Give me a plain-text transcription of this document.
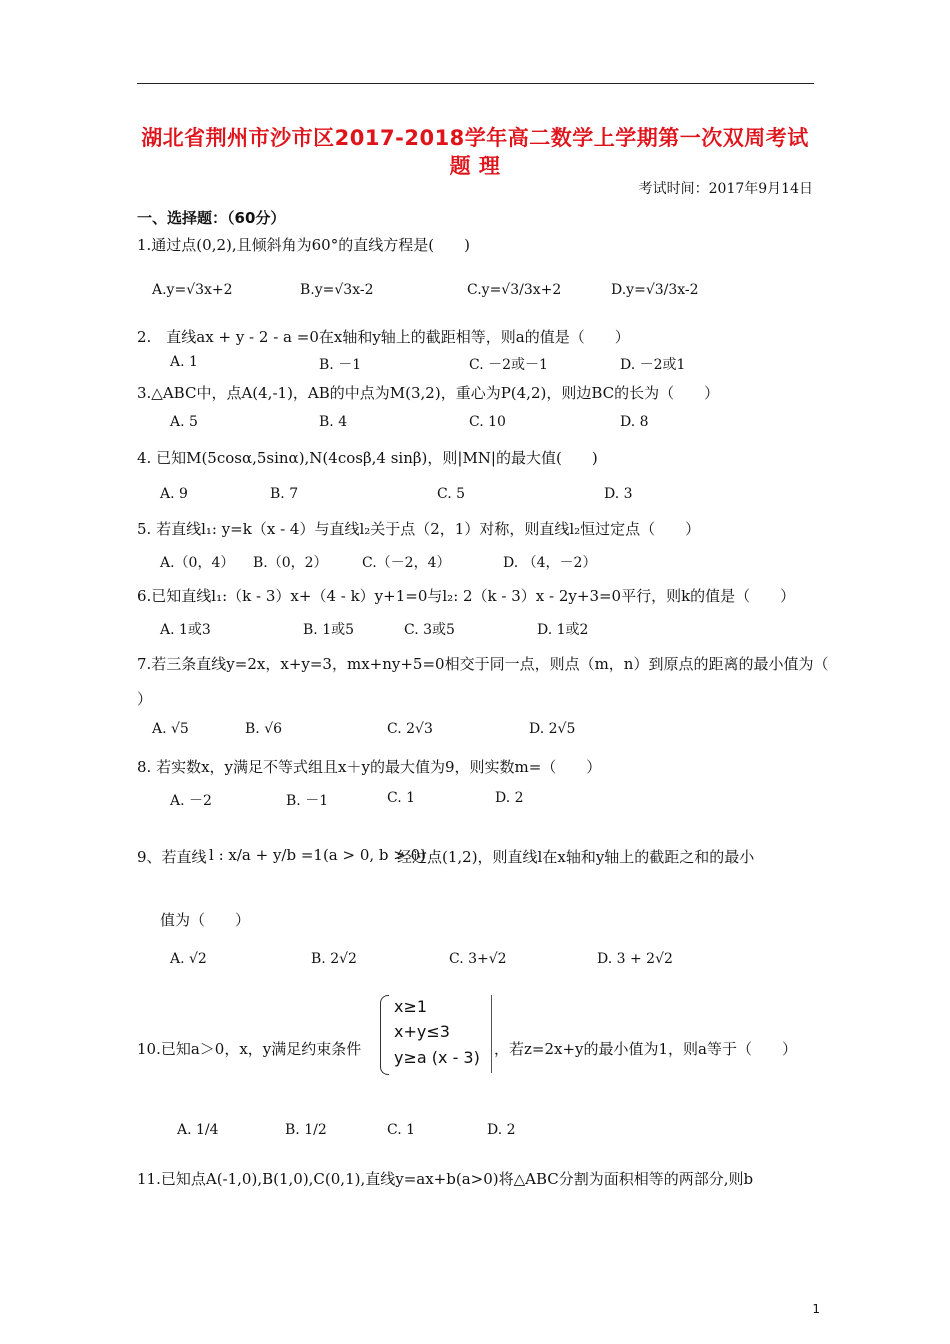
湖北省荆州市沙市区2017-2018学年高二数学上学期第一次双周考试
题 理
考试时间：2017年9月14日
一、选择题：（60分）
1.通过点(0,2),且倾斜角为60°的直线方程是(　　)
A.y=√3x+2	B.y=√3x-2	C.y=√3/3x+2	D.y=√3/3x-2
2.　直线ax + y - 2 - a =0在x轴和y轴上的截距相等，则a的值是（　　）
A. 1	B. －1	C. －2或－1	D. －2或1
3.△ABC中，点A(4,-1)，AB的中点为M(3,2)，重心为P(4,2)，则边BC的长为（　　）
A. 5	B. 4	C. 10	D. 8
4. 已知M(5cosα,5sinα),N(4cosβ,4 sinβ)，则|MN|的最大值(　　)
A. 9	B. 7	C. 5	D. 3
5. 若直线l₁: y=k（x - 4）与直线l₂关于点（2，1）对称，则直线l₂恒过定点（　　）
A.（0，4） B.（0，2） C.（－2，4）	D. （4，－2）
6.已知直线l₁:（k - 3）x+（4 - k）y+1=0与l₂: 2（k - 3）x - 2y+3=0平行，则k的值是（　　）
A. 1或3	B. 1或5	C. 3或5	D. 1或2
7.若三条直线y=2x，x+y=3，mx+ny+5=0相交于同一点，则点（m，n）到原点的距离的最小值为（
）
A. √5	B. √6	C. 2√3	D. 2√5
8. 若实数x，y满足不等式组且x＋y的最大值为9，则实数m=（　　）
A. －2	B. －1	C. 1	D. 2
9、若直线 l : x/a + y/b =1(a > 0, b > 0)
经过点(1,2)，则直线l在x轴和y轴上的截距之和的最小
值为（　　）
A. √2	B. 2√2	C. 3+√2	D. 3 + 2√2
10.已知a＞0，x，y满足约束条件
x≥1
x+y≤3
y≥a (x - 3) ，若z=2x+y的最小值为1，则a等于（　　）
A. 1/4	B. 1/2	C. 1	D. 2
11.已知点A(-1,0),B(1,0),C(0,1),直线y=ax+b(a>0)将△ABC分割为面积相等的两部分,则b
1
